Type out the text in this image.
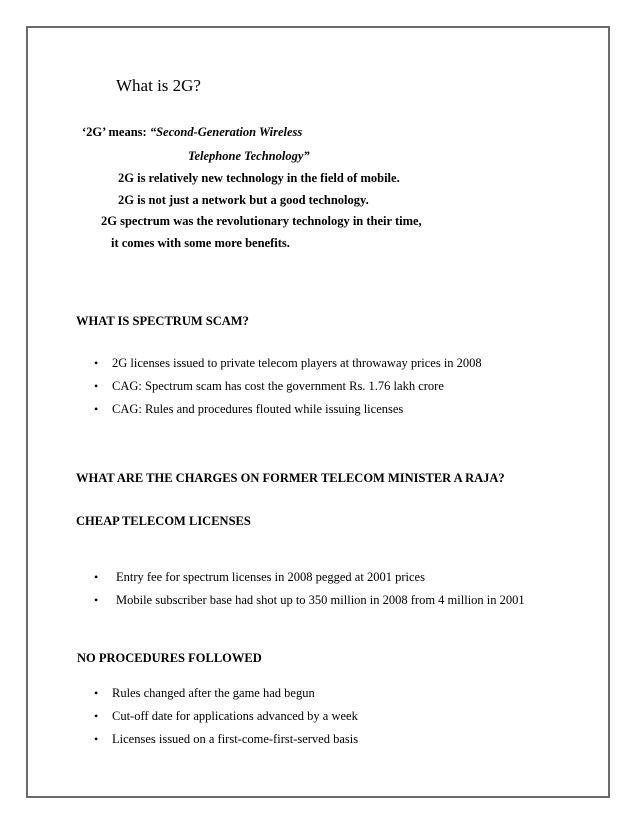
What is 2G?
‘2G’ means: “Second-Generation Wireless
Telephone Technology”
2G is relatively new technology in the field of mobile.
2G is not just a network but a good technology.
2G spectrum was the revolutionary technology in their time,
it comes with some more benefits.
WHAT IS SPECTRUM SCAM?
• 2G licenses issued to private telecom players at throwaway prices in 2008
• CAG: Spectrum scam has cost the government Rs. 1.76 lakh crore
• CAG: Rules and procedures flouted while issuing licenses
WHAT ARE THE CHARGES ON FORMER TELECOM MINISTER A RAJA?
CHEAP TELECOM LICENSES
• Entry fee for spectrum licenses in 2008 pegged at 2001 prices
• Mobile subscriber base had shot up to 350 million in 2008 from 4 million in 2001
NO PROCEDURES FOLLOWED
• Rules changed after the game had begun
• Cut-off date for applications advanced by a week
• Licenses issued on a first-come-first-served basis
